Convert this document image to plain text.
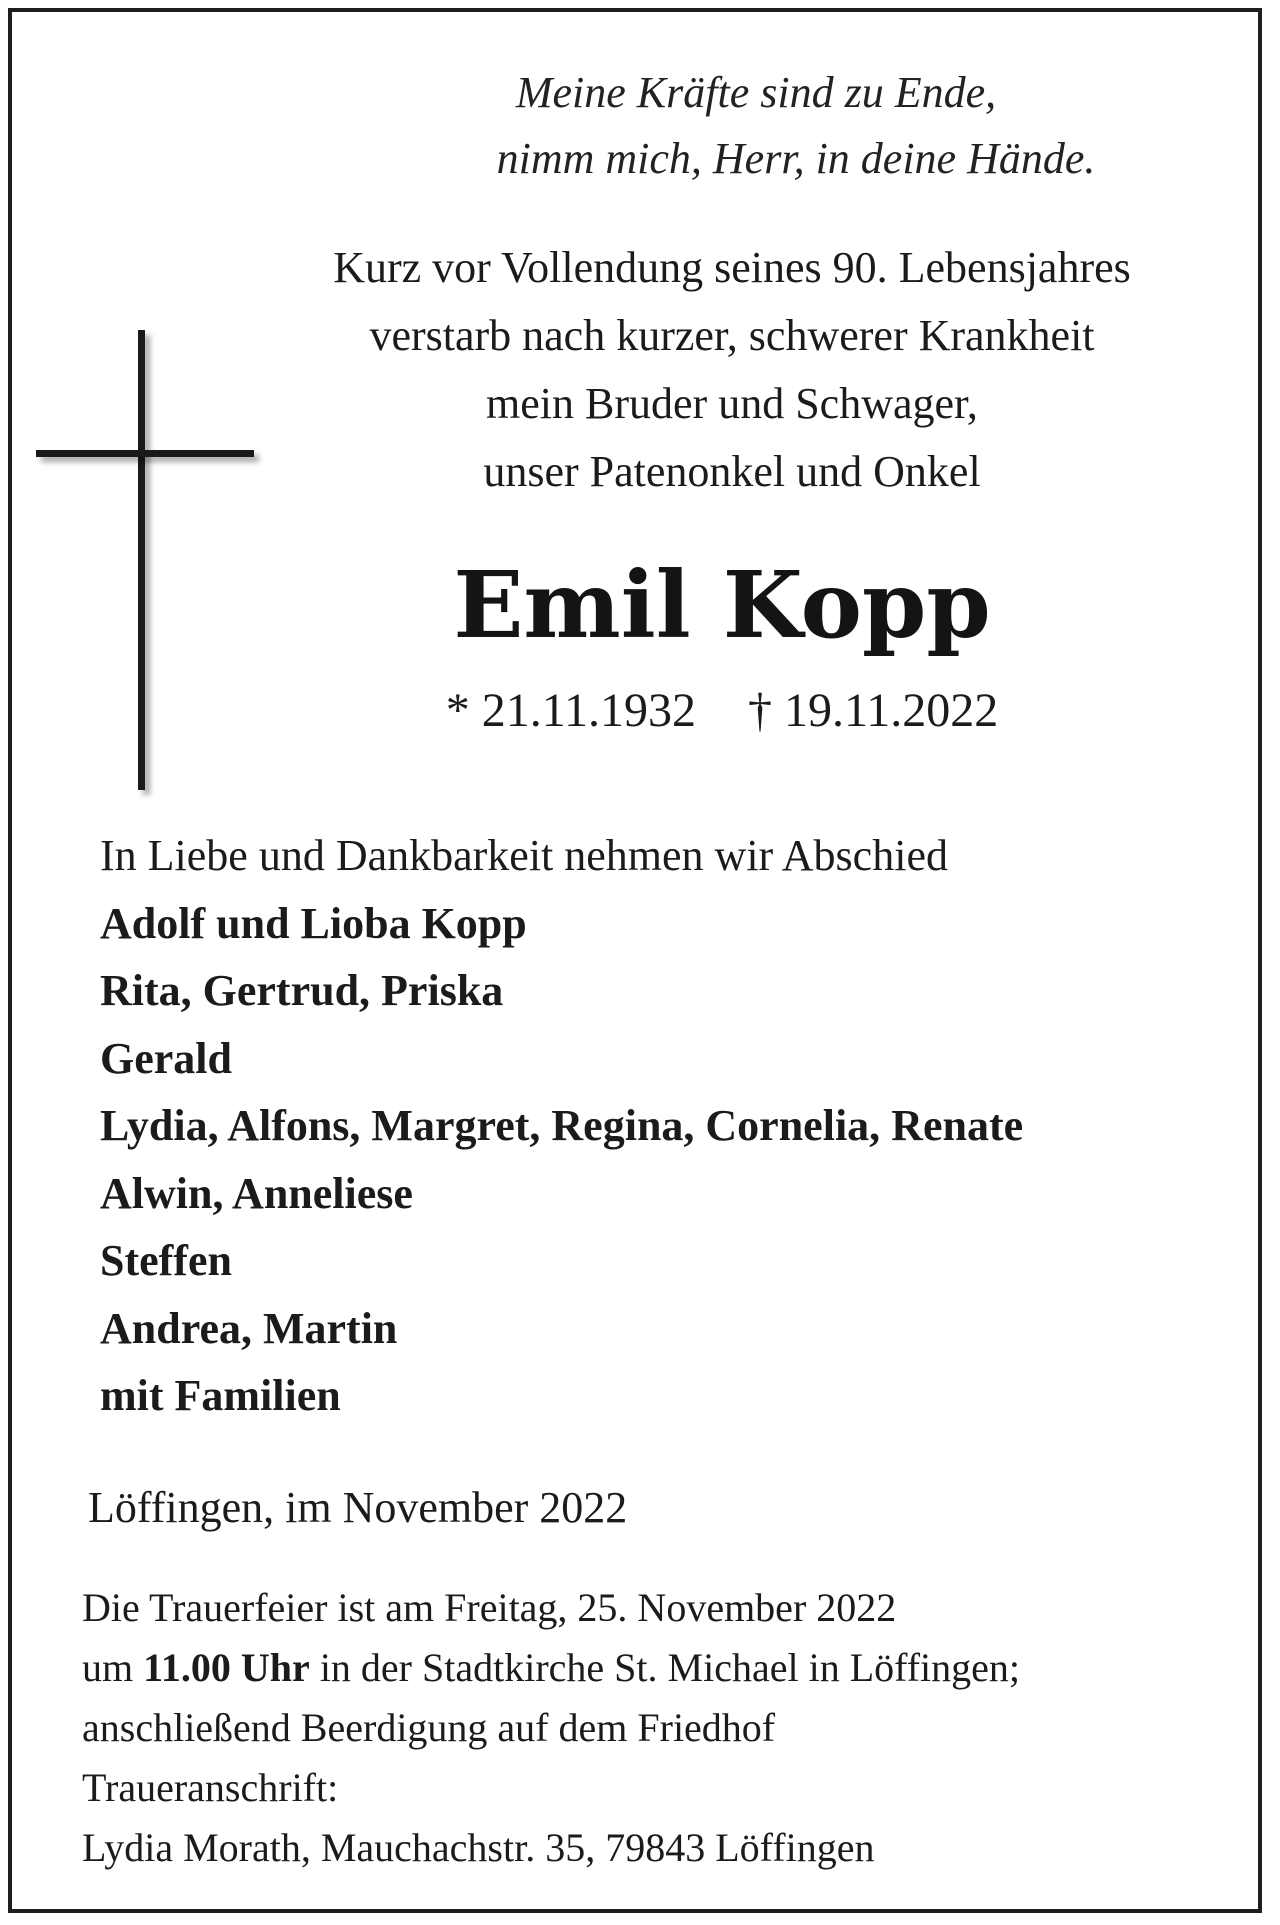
Meine Kräfte sind zu Ende,
nimm mich, Herr, in deine Hände.
Kurz vor Vollendung seines 90. Lebensjahres
verstarb nach kurzer, schwerer Krankheit
mein Bruder und Schwager,
unser Patenonkel und Onkel
Emil Kopp
* 21.11.1932 † 19.11.2022
In Liebe und Dankbarkeit nehmen wir Abschied
Adolf und Lioba Kopp
Rita, Gertrud, Priska
Gerald
Lydia, Alfons, Margret, Regina, Cornelia, Renate
Alwin, Anneliese
Steffen
Andrea, Martin
mit Familien
Löffingen, im November 2022
Die Trauerfeier ist am Freitag, 25. November 2022
um 11.00 Uhr in der Stadtkirche St. Michael in Löffingen;
anschließend Beerdigung auf dem Friedhof
Traueranschrift:
Lydia Morath, Mauchachstr. 35, 79843 Löffingen
